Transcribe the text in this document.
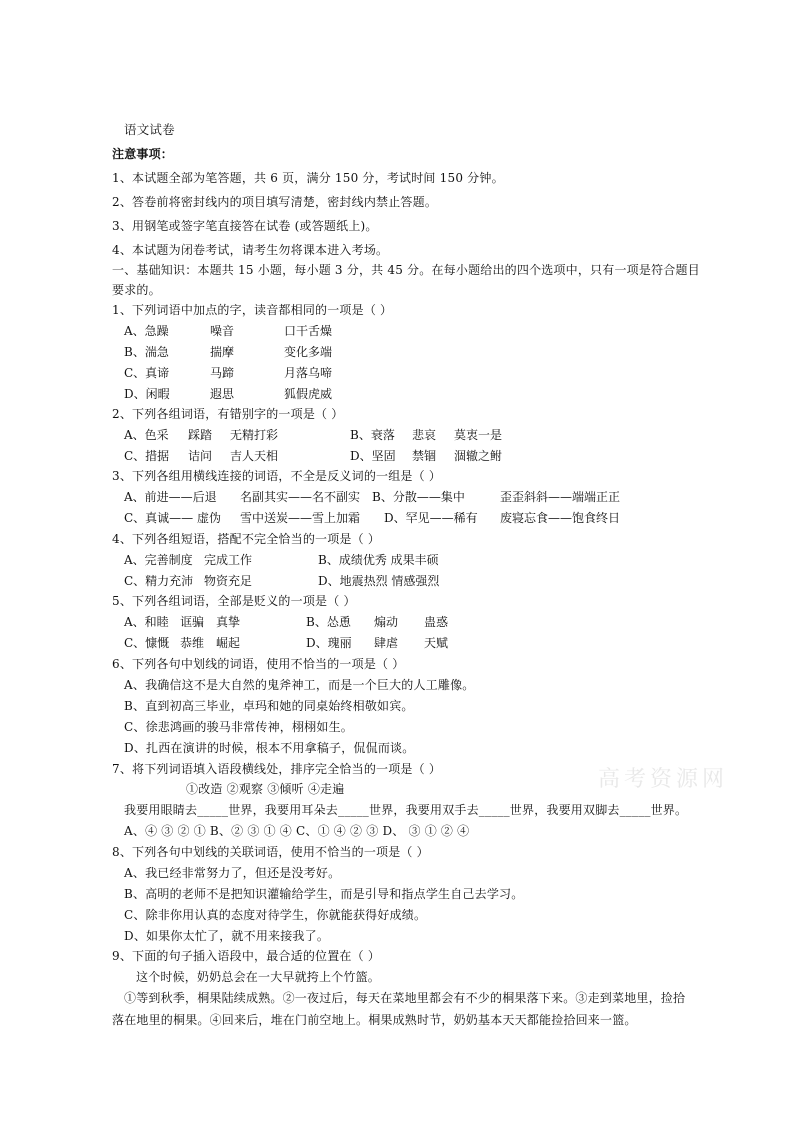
语文试卷
注意事项：
1、本试题全部为笔答题，共 6 页，满分 150 分，考试时间 150 分钟。
2、答卷前将密封线内的项目填写清楚，密封线内禁止答题。
3、用钢笔或签字笔直接答在试卷 (或答题纸上)。
4、本试题为闭卷考试，请考生勿将课本进入考场。
一、基础知识：本题共 15 小题，每小题 3 分，共 45 分。在每小题给出的四个选项中，只有一项是符合题目
要求的。
1、下列词语中加点的字，读音都相同的一项是（ ）
A、急躁	噪音	口干舌燥
B、湍急	揣摩	变化多端
C、真谛	马蹄	月落乌啼
D、闲暇	遐思	狐假虎威
2、下列各组词语，有错别字的一项是（ ）
A、色采 踩踏 无精打彩	B、衰落 悲哀 莫衷一是
C、措据 诘问 吉人天相	D、坚固 禁锢 涸辙之鲋
3、下列各组用横线连接的词语，不全是反义词的一组是（ ）
A、前进——后退 名副其实——名不副实 B、分散——集中	歪歪斜斜——端端正正
C、真诚—— 虚伪 雪中送炭——雪上加霜 D、罕见——稀有 废寝忘食——饱食终日
4、下列各组短语，搭配不完全恰当的一项是（ ）
A、完善制度 完成工作	B、成绩优秀 成果丰硕
C、精力充沛 物资充足	D、地震热烈 情感强烈
5、下列各组词语，全部是贬义的一项是（ ）
A、和睦 诓骗 真挚	B、怂恿 煽动 蛊惑
C、慷慨 恭维 崛起	D、瑰丽 肆虐 天赋
6、下列各句中划线的词语，使用不恰当的一项是（ ）
A、我确信这不是大自然的鬼斧神工，而是一个巨大的人工雕像。
B、直到初高三毕业，卓玛和她的同桌始终相敬如宾。
C、徐悲鸿画的骏马非常传神，栩栩如生。
D、扎西在演讲的时候，根本不用拿稿子，侃侃而谈。
7、将下列词语填入语段横线处，排序完全恰当的一项是（ ）
①改造 ②观察 ③倾听 ④走遍
我要用眼睛去_____世界，我要用耳朵去_____世界，我要用双手去_____世界，我要用双脚去_____世界。
A、④ ③ ② ① B、② ③ ① ④ C、① ④ ② ③ D、 ③ ① ② ④
8、下列各句中划线的关联词语，使用不恰当的一项是（ ）
A、我已经非常努力了，但还是没考好。
B、高明的老师不是把知识灌输给学生，而是引导和指点学生自己去学习。
C、除非你用认真的态度对待学生，你就能获得好成绩。
D、如果你太忙了，就不用来接我了。
9、下面的句子插入语段中，最合适的位置在（ ）
这个时候，奶奶总会在一大早就挎上个竹篮。
①等到秋季，桐果陆续成熟。②一夜过后，每天在菜地里都会有不少的桐果落下来。③走到菜地里，捡拾
落在地里的桐果。④回来后，堆在门前空地上。桐果成熟时节，奶奶基本天天都能捡拾回来一篮。
高考资源网
